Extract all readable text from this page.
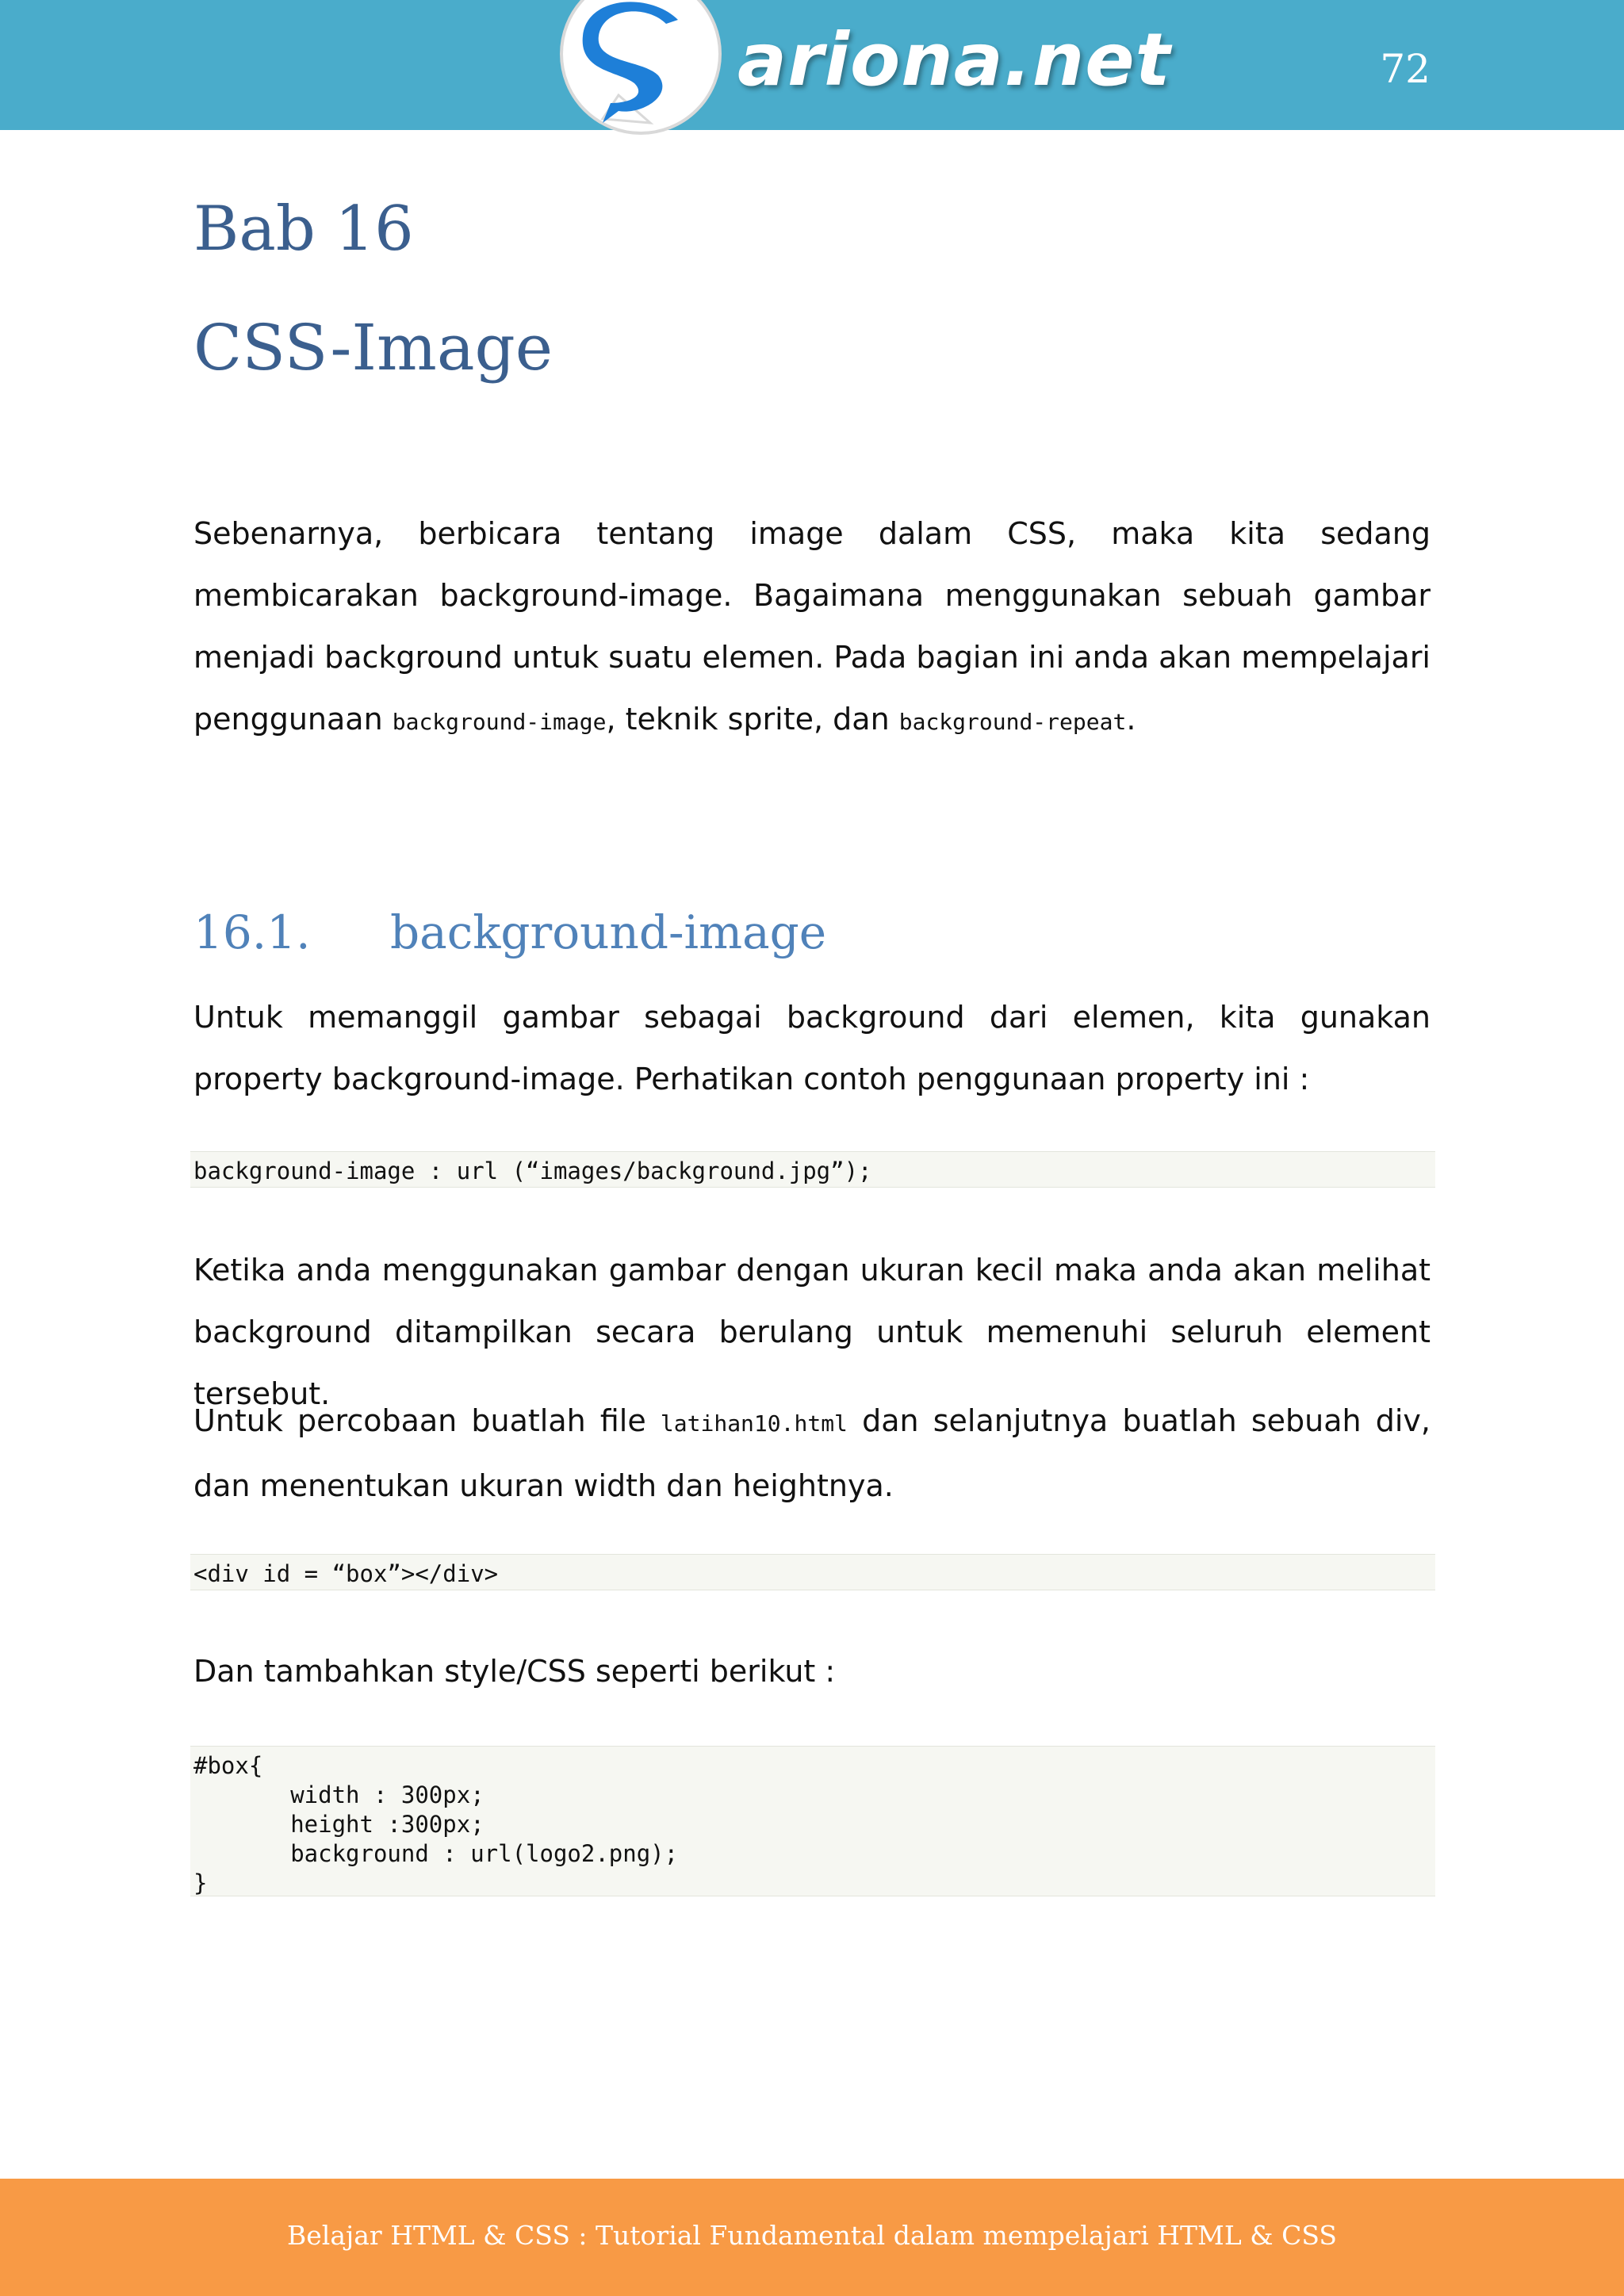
ariona.net	72
Bab 16
CSS-Image

Sebenarnya, berbicara tentang image dalam CSS, maka kita sedang membicarakan background-image. Bagaimana menggunakan sebuah gambar menjadi background untuk suatu elemen. Pada bagian ini anda akan mempelajari penggunaan background-image, teknik sprite, dan background-repeat.

16.1. background-image

Untuk memanggil gambar sebagai background dari elemen, kita gunakan property background-image. Perhatikan contoh penggunaan property ini :

background-image : url (“images/background.jpg”);

Ketika anda menggunakan gambar dengan ukuran kecil maka anda akan melihat background ditampilkan secara berulang untuk memenuhi seluruh element tersebut.

Untuk percobaan buatlah file latihan10.html dan selanjutnya buatlah sebuah div, dan menentukan ukuran width dan heightnya.

<div id = “box”></div>

Dan tambahkan style/CSS seperti berikut :

#box{
width : 300px;
height :300px;
background : url(logo2.png);
}
Belajar HTML & CSS : Tutorial Fundamental dalam mempelajari HTML & CSS
